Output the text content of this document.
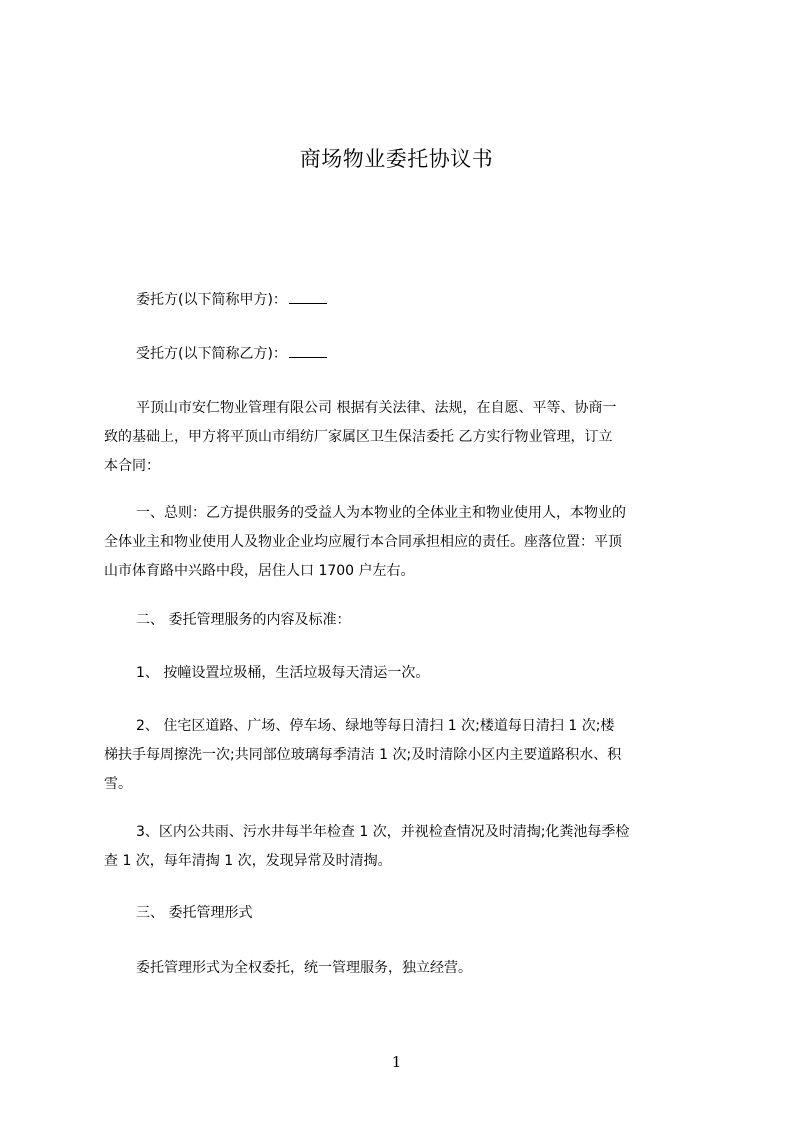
商场物业委托协议书
委托方(以下简称甲方)：
受托方(以下简称乙方)：
平顶山市安仁物业管理有限公司 根据有关法律、法规，在自愿、平等、协商一
致的基础上，甲方将平顶山市绢纺厂家属区卫生保洁委托 乙方实行物业管理，订立
本合同：
一、总则：乙方提供服务的受益人为本物业的全体业主和物业使用人，本物业的
全体业主和物业使用人及物业企业均应履行本合同承担相应的责任。座落位置：平顶
山市体育路中兴路中段，居住人口 1700 户左右。
二、 委托管理服务的内容及标准：
1、 按幢设置垃圾桶，生活垃圾每天清运一次。
2、 住宅区道路、广场、停车场、绿地等每日清扫 1 次;楼道每日清扫 1 次;楼
梯扶手每周擦洗一次;共同部位玻璃每季清洁 1 次;及时清除小区内主要道路积水、积
雪。
3、区内公共雨、污水井每半年检查 1 次，并视检查情况及时清掏;化粪池每季检
查 1 次，每年清掏 1 次，发现异常及时清掏。
三、 委托管理形式
委托管理形式为全权委托，统一管理服务，独立经营。
1
